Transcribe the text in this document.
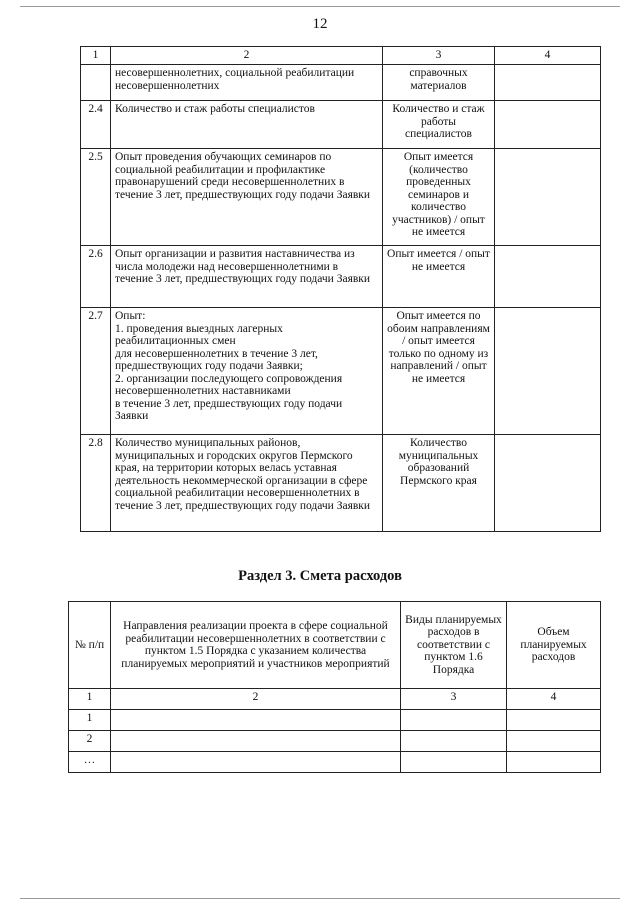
12
1	2	3	4
	несовершеннолетних, социальной реабилитации несовершеннолетних	справочных материалов	
2.4	Количество и стаж работы специалистов	Количество и стаж работы специалистов	
2.5	Опыт проведения обучающих семинаров по социальной реабилитации и профилактике правонарушений среди несовершеннолетних в течение 3 лет, предшествующих году подачи Заявки	Опыт имеется (количество проведенных семинаров и количество участников) / опыт не имеется	
2.6	Опыт организации и развития наставничества из числа молодежи над несовершеннолетними в течение 3 лет, предшествующих году подачи Заявки	Опыт имеется / опыт не имеется	
2.7	Опыт:
1. проведения выездных лагерных реабилитационных смен
для несовершеннолетних в течение 3 лет, предшествующих году подачи Заявки;
2. организации последующего сопровождения несовершеннолетних наставниками
в течение 3 лет, предшествующих году подачи Заявки	Опыт имеется по обоим направлениям / опыт имеется только по одному из направлений / опыт не имеется	
2.8	Количество муниципальных районов, муниципальных и городских округов Пермского края, на территории которых велась уставная деятельность некоммерческой организации в сфере социальной реабилитации несовершеннолетних в течение 3 лет, предшествующих году подачи Заявки	Количество муниципальных образований Пермского края	
Раздел 3. Смета расходов
№ п/п	Направления реализации проекта в сфере социальной реабилитации несовершеннолетних в соответствии с пунктом 1.5 Порядка с указанием количества планируемых мероприятий и участников мероприятий	Виды планируемых расходов в соответствии с пунктом 1.6 Порядка	Объем планируемых расходов
1	2	3	4
1			
2			
…			
